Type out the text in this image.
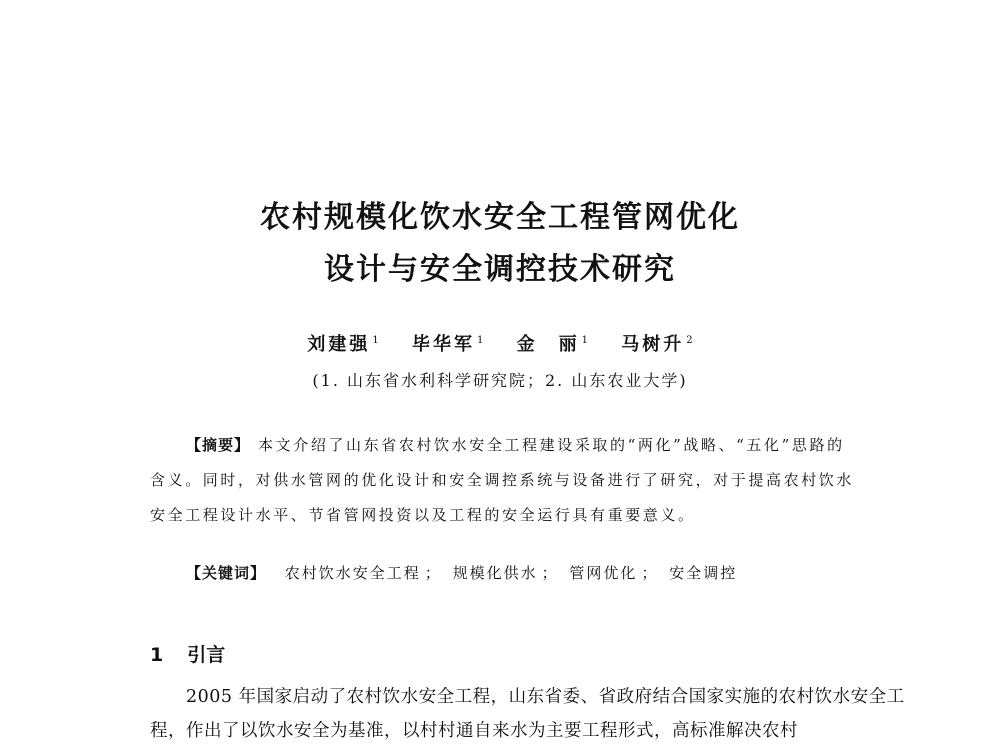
农村规模化饮水安全工程管网优化
设计与安全调控技术研究
刘建强 $^1$ 毕华军 $^1$ 金　丽 $^1$ 马树升 $^2$
(1. 山东省水利科学研究院；2. 山东农业大学)

【摘要】 本文介绍了山东省农村饮水安全工程建设采取的“两化”战略、“五化”思路的含义。同时，对供水管网的优化设计和安全调控系统与设备进行了研究，对于提高农村饮水安全工程设计水平、节省管网投资以及工程的安全运行具有重要意义。

【关键词】 农村饮水安全工程 ； 规模化供水 ； 管网优化 ； 安全调控
1 引言

2005 年国家启动了农村饮水安全工程，山东省委、省政府结合国家实施的农村饮水安全工程，作出了以饮水安全为基准，以村村通自来水为主要工程形式，高标准解决农村
